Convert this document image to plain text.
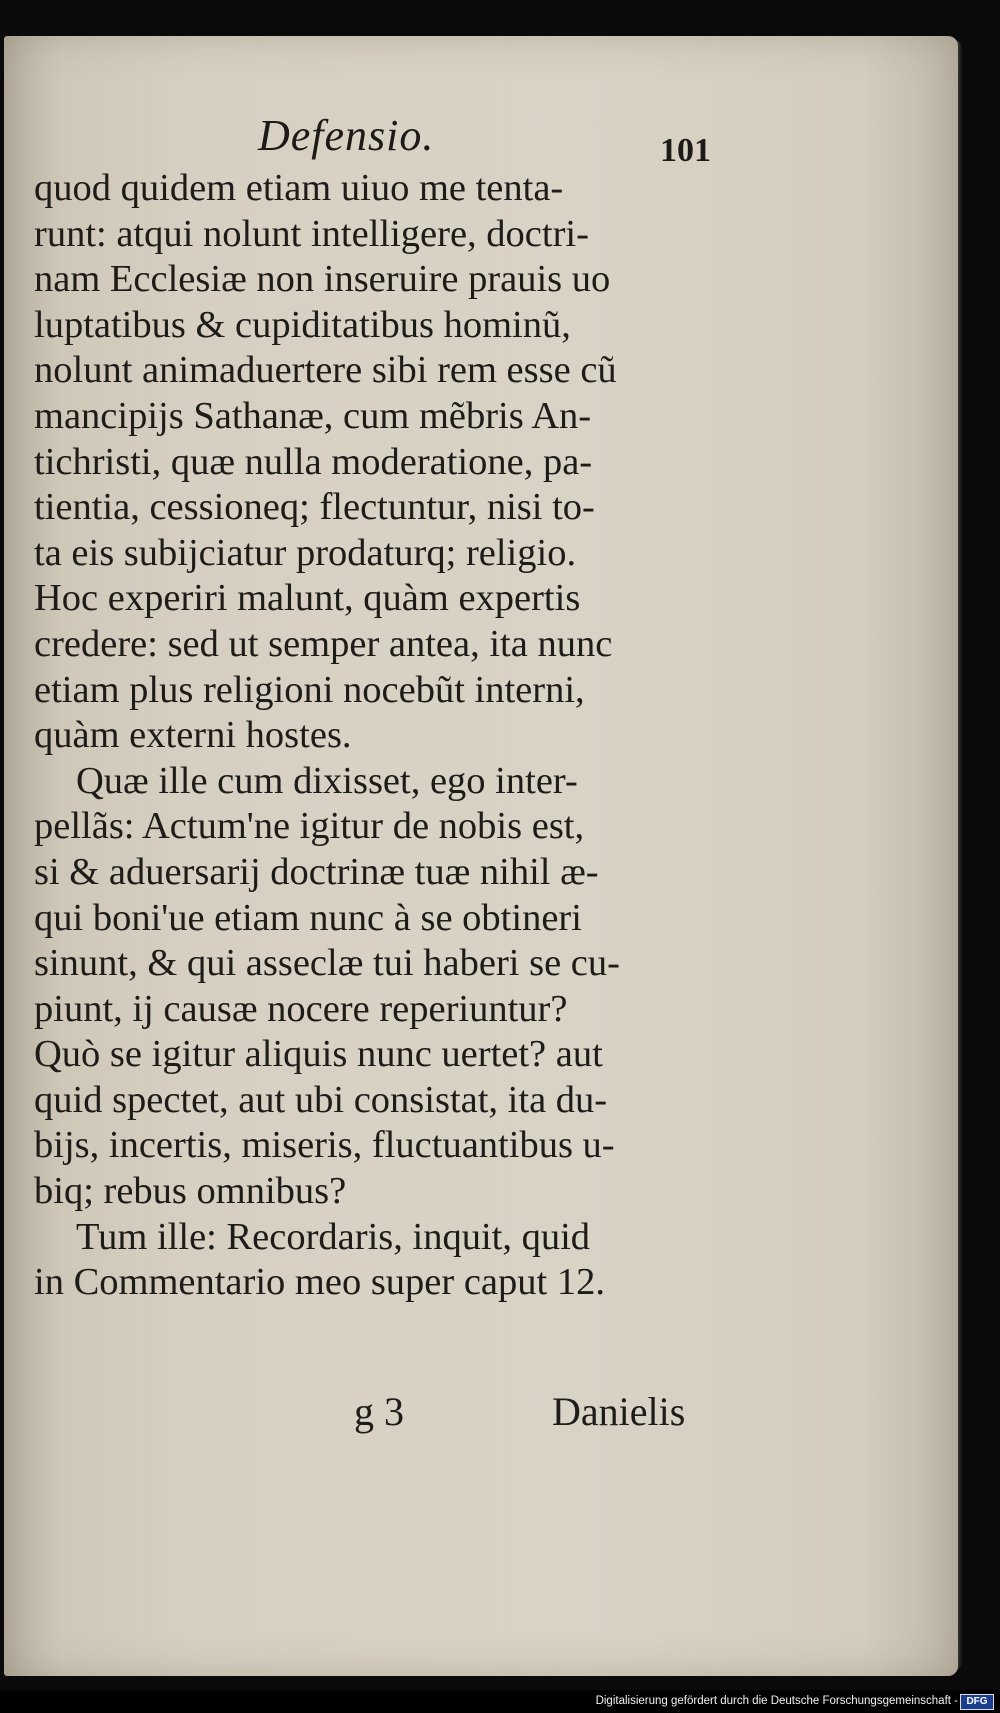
Defensio.	101
quod quidem etiam uiuo me tenta-
runt: atqui nolunt intelligere, doctri-
nam Ecclesiæ non inseruire prauis uo
luptatibus & cupiditatibus hominũ,
nolunt animaduertere sibi rem esse cũ
mancipijs Sathanæ, cum mẽbris An-
tichristi, quæ nulla moderatione, pa-
tientia, cessioneq; flectuntur, nisi to-
ta eis subijciatur prodaturq; religio.
Hoc experiri malunt, quàm expertis
credere: sed ut semper antea, ita nunc
etiam plus religioni nocebũt interni,
quàm externi hostes.
Quæ ille cum dixisset, ego inter-
pellãs: Actum'ne igitur de nobis est,
si & aduersarij doctrinæ tuæ nihil æ-
qui boni'ue etiam nunc à se obtineri
sinunt, & qui asseclæ tui haberi se cu-
piunt, ij causæ nocere reperiuntur?
Quò se igitur aliquis nunc uertet? aut
quid spectet, aut ubi consistat, ita du-
bijs, incertis, miseris, fluctuantibus u-
biq; rebus omnibus?
Tum ille: Recordaris, inquit, quid
in Commentario meo super caput 12.
g 3	Danielis
Digitalisierung gefördert durch die Deutsche Forschungsgemeinschaft - DFG
